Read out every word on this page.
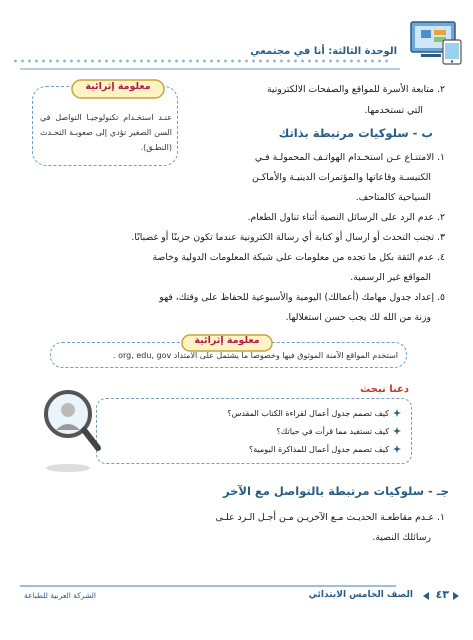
الوحدة الثالثة: أنا في مجتمعي
معلومة إثرائية
عنـد استخـدام تكنولوجيـا التواصل في السن الصغير تؤدي إلى صعوبـة التحـدث (النطـق).
٢. متابعة الأسرة للمواقع والصفحات الالكترونية
التي تستخدمها.
ب - سلوكيات مرتبطة بذاتك
١. الامتنـاع عـن استخـدام الهواتـف المحمولـة فـي
الكنيسـة وقاعاتها والمؤتمرات الدينيـة والأماكـن
السياحية كالمتاحف.
٢. عدم الرد على الرسائل النصية أثناء تناول الطعام.
٣. تجنب التحدث أو ارسال أو كتابة أي رسالة الكترونية عندما تكون حزينًا أو غضبانًا.
٤. عدم الثقة بكل ما تجده من معلومات على شبكة المعلومات الدولية وخاصة
المواقع غير الرسمية.
٥. إعداد جدول مهامك (أعمالك) اليومية والأسبوعية للحفاظ على وقتك، فهو
وزنة من الله لك يجب حسن استغلالها.
معلومة إثرائية
استخدم المواقع الآمنة الموثوق فيها وخصوصا ما يشتمل على الامتداد org, edu, gov .
دعنا نبحث
كيف تصمم جدول أعمال لقراءة الكتاب المقدس؟
كيف تستفيد مما قرأت في حياتك؟
كيف تصمم جدول أعمال للمذاكرة اليومية؟
جـ - سلوكيات مرتبطة بالتواصل مع الآخر
١. عـدم مقاطعـة الحديـث مـع الآخريـن مـن أجـل الـرد علـى
رسائلك النصية.
الشركة العربية للطباعة	الصف الخامس الابتدائي ٤٣
